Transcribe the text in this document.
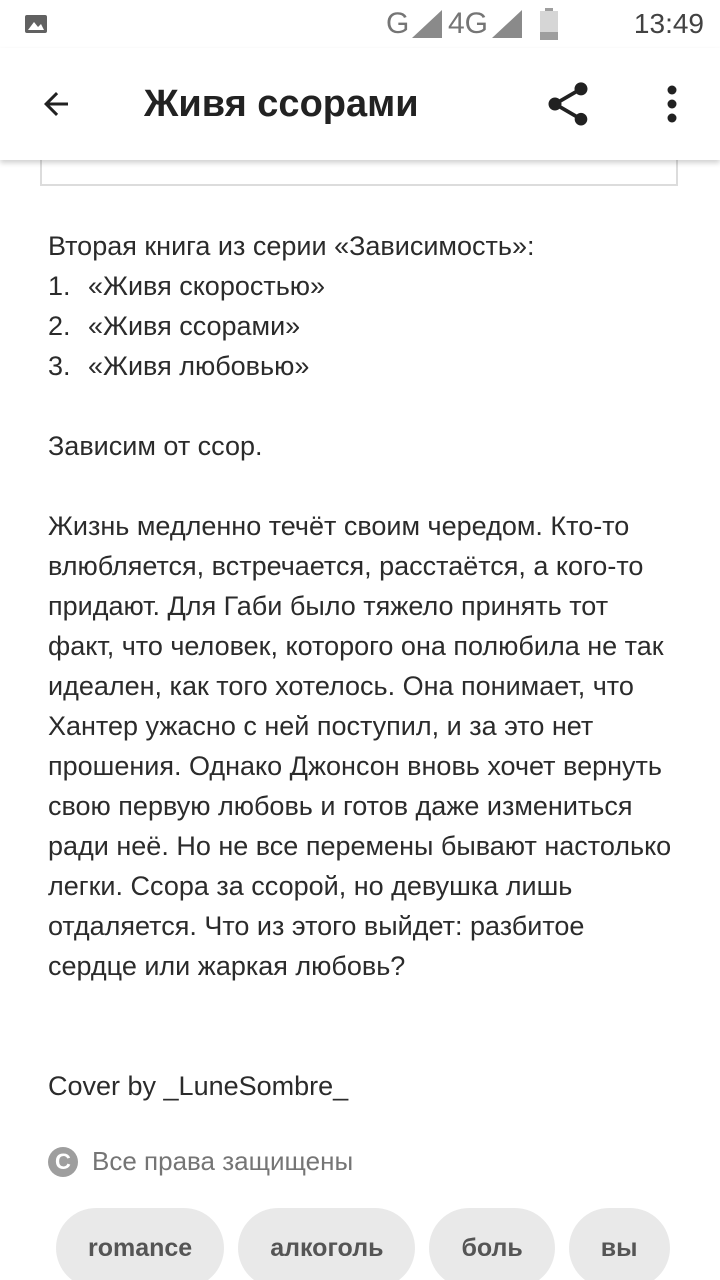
G 4G	13:49
Живя ссорами

Вторая книга из серии «Зависимость»:

1. «Живя скоростью»
2. «Живя ссорами»
3. «Живя любовью»

Зависим от ссор.

Жизнь медленно течёт своим чередом. Кто-то влюбляется, встречается, расстаётся, а кого-то придают. Для Габи было тяжело принять тот факт, что человек, которого она полюбила не так идеален, как того хотелось. Она понимает, что Хантер ужасно с ней поступил, и за это нет прошения. Однако Джонсон вновь хочет вернуть свою первую любовь и готов даже измениться ради неё. Но не все перемены бывают настолько легки. Ссора за ссорой, но девушка лишь отдаляется. Что из этого выйдет: разбитое сердце или жаркая любовь?

Cover by _LuneSombre_

C Все права защищены
romance	алкоголь	боль	вы
